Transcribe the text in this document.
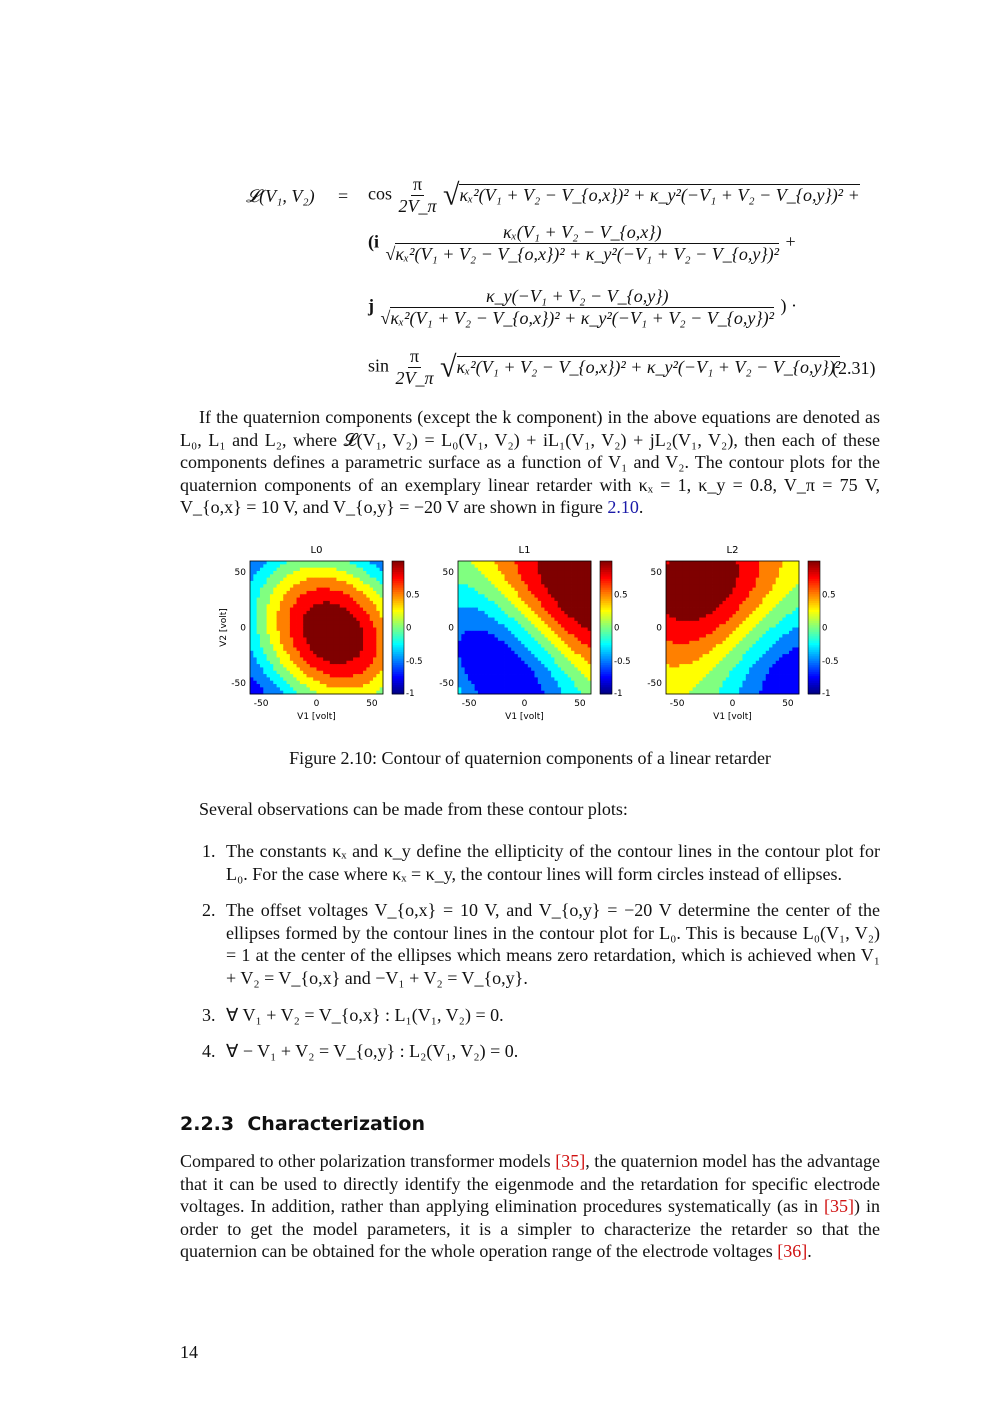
𝓛(V₁, $V_2) = \cos \frac{\pi}{2V\_\pi} √\kappa_x^2(V_1 + V_2$ − V_{o,x})² + κ_y²(−V₁ + V₂ − V_{o,y})² +
($i \frac{\text{κₓ(V₁ + V₂ − V\_\{o,x\})}}{\text{√κₓ²(V₁ + V₂ − V\_\{o,x\})² + κ\_y²(−V₁ + V₂ − V\_\{o,y\})²}}$ +
j $\frac{\text{κ\_y(−V₁ + V₂ − V\_\{o,y\})}}{\text{√κₓ²(V₁ + V₂ − V\_\{o,x\})² + κ\_y²(−V₁ + V₂ − V\_\{o,y\})²}}$ ) ·
$\sin \frac{\pi}{2V\_\pi} √\kappa_x^2(V_1 + V_2$ − V_{o,x})² + κ_y²(−V₁ + V₂ − V_{o,y})²
(2.31)

If the quaternion components (except the k component) in the above equations are denoted as L₀, L₁ and L₂, where 𝓛(V₁, V₂) = L₀(V₁, V₂) + iL₁(V₁, V₂) + jL₂(V₁, V₂), then each of these components defines a parametric surface as a function of V₁ and V₂. The contour plots for the quaternion components of an exemplary linear retarder with κₓ = 1, κ_y = 0.8, V_π = 75 V, V_{o,x} = 10 V, and V_{o,y} = −20 V are shown in figure 2.10.

L0
-50	0	50
50
0
-50
V1 [volt]
V2 [volt]
0.5
0
-0.5
-1
L1
-50	0	50
50
0
-50
V1 [volt]
0.5
0
-0.5
-1
L2
-50	0	50
50
0
-50
V1 [volt]
0.5
0
-0.5
-1
Figure 2.10: Contour of quaternion components of a linear retarder
Several observations can be made from these contour plots:
1. The constants κₓ and κ_y define the ellipticity of the contour lines in the contour plot for L₀. For the case where κₓ = κ_y, the contour lines will form circles instead of ellipses.
2. The offset voltages V_{o,x} = 10 V, and V_{o,y} = −20 V determine the center of the ellipses formed by the contour lines in the contour plot for L₀. This is because L₀(V₁, V₂) = 1 at the center of the ellipses which means zero retardation, which is achieved when V₁ + V₂ = V_{o,x} and −V₁ + V₂ = V_{o,y}.
3. ∀ V₁ + V₂ = V_{o,x} : L₁(V₁, V₂) = 0.
4. ∀ − V₁ + V₂ = V_{o,y} : L₂(V₁, V₂) = 0.
2.2.3 Characterization

Compared to other polarization transformer models [35], the quaternion model has the advantage that it can be used to directly identify the eigenmode and the retardation for specific electrode voltages. In addition, rather than applying elimination procedures systematically (as in [35]) in order to get the model parameters, it is a simpler to characterize the retarder so that the quaternion can be obtained for the whole operation range of the electrode voltages [36].

14
